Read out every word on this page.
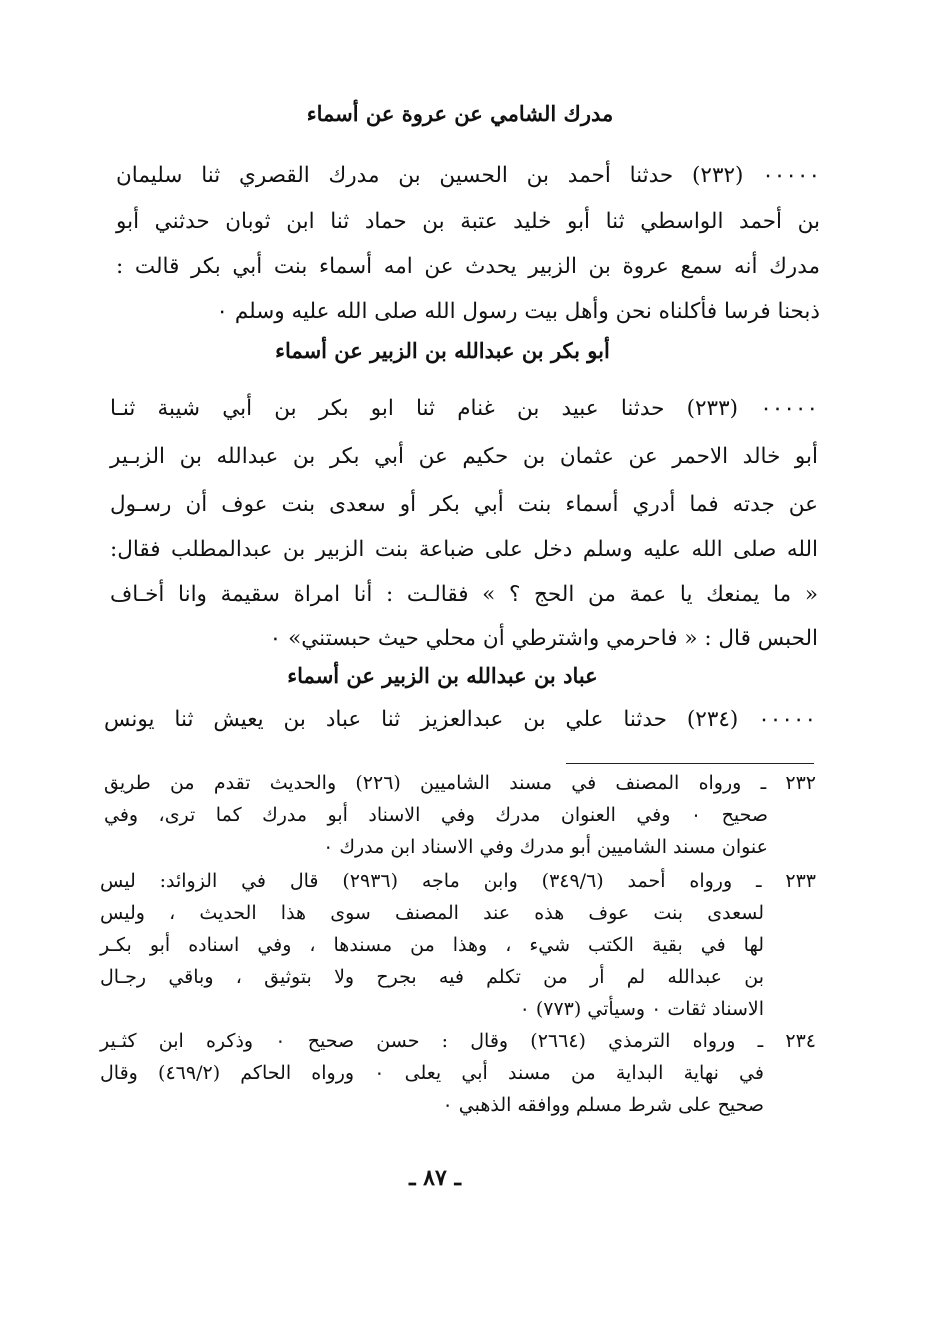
مدرك الشامي عن عروة عن أسماء
٠٠٠٠٠ (٢٣٢) حدثنا أحمد بن الحسين بن مدرك القصري ثنا سليمان
بن أحمد الواسطي ثنا أبو خليد عتبة بن حماد ثنا ابن ثوبان حدثني أبو
مدرك أنه سمع عروة بن الزبير يحدث عن امه أسماء بنت أبي بكر قالت :
ذبحنا فرسا فأكلناه نحن وأهل بيت رسول الله صلى الله عليه وسلم ٠
أبو بكر بن عبدالله بن الزبير عن أسماء
٠٠٠٠٠ (٢٣٣) حدثنا عبيد بن غنام ثنا ابو بكر بن أبي شيبة ثنـا
أبو خالد الاحمر عن عثمان بن حكيم عن أبي بكر بن عبدالله بن الزبـير
عن جدته فما أدري أسماء بنت أبي بكر أو سعدى بنت عوف أن رسـول
الله صلى الله عليه وسلم دخل على ضباعة بنت الزبير بن عبدالمطلب فقال:
« ما يمنعك يا عمة من الحج ؟ » فقالـت : أنا امراة سقيمة وانا أخـاف
الحبس قال : « فاحرمي واشترطي أن محلي حيث حبستني» ٠
عباد بن عبدالله بن الزبير عن أسماء
٠٠٠٠٠ (٢٣٤) حدثنا علي بن عبدالعزيز ثنا عباد بن يعيش ثنا يونس
٢٣٢ ـ ورواه المصنف في مسند الشاميين (٢٢٦) والحديث تقدم من طريق
صحيح ٠ وفي العنوان مدرك وفي الاسناد أبو مدرك كما ترى، وفي
عنوان مسند الشاميين أبو مدرك وفي الاسناد ابن مدرك ٠
٢٣٣ ـ ورواه أحمد (٣٤٩/٦) وابن ماجه (٢٩٣٦) قال في الزوائد: ليس
لسعدى بنت عوف هذه عند المصنف سوى هذا الحديث ، وليس
لها في بقية الكتب شيء ، وهذا من مسندها ، وفي اسناده أبو بكـر
بن عبدالله لم أر من تكلم فيه بجرح ولا بتوثيق ، وباقي رجـال
الاسناد ثقات ٠ وسيأتي (٧٧٣) ٠
٢٣٤ ـ ورواه الترمذي (٢٦٦٤) وقال : حسن صحيح ٠ وذكره ابن كثـير
في نهاية البداية من مسند أبي يعلى ٠ ورواه الحاكم (٤٦٩/٢) وقال
صحيح على شرط مسلم ووافقه الذهبي ٠
ـ ٨٧ ـ
